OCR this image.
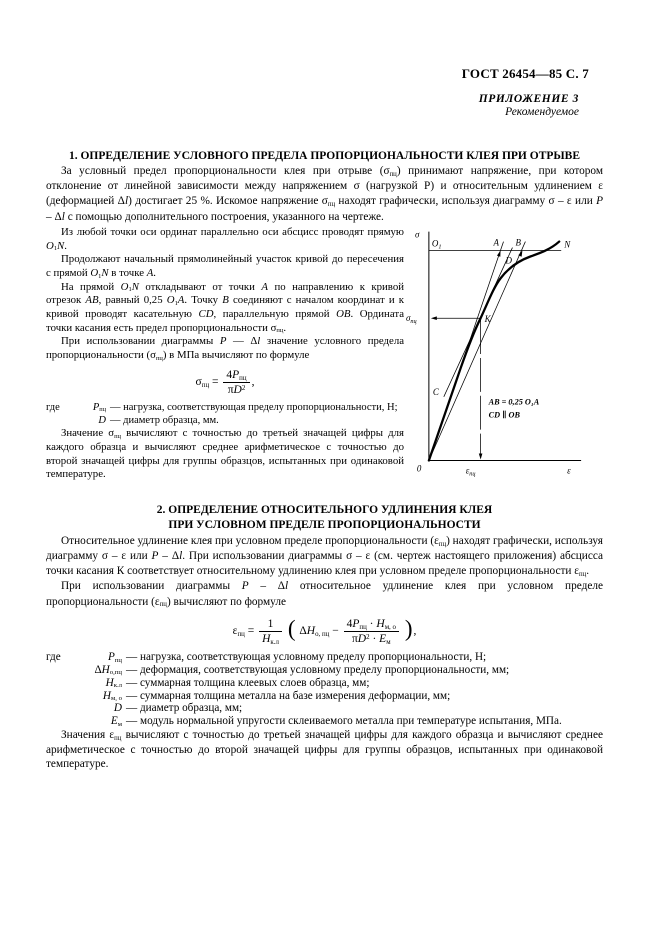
ГОСТ 26454—85 С. 7
ПРИЛОЖЕНИЕ 3
Рекомендуемое
1. ОПРЕДЕЛЕНИЕ УСЛОВНОГО ПРЕДЕЛА ПРОПОРЦИОНАЛЬНОСТИ КЛЕЯ ПРИ ОТРЫВЕ

За условный предел пропорциональности клея при отрыве $(\sigma_{пц})$ принимают напряжение, при котором отклонение от линейной зависимости между напряжением σ (нагрузкой Р) и относительным удлинением ε (деформацией Δl) достигает 25 %. Искомое напряжение $\sigma_{пц}$ находят графически, используя диаграмму σ – ε или Р – Δl с помощью дополнительного построения, указанного на чертеже.

Из любой точки оси ординат параллельно оси абсцисс проводят прямую $О_1N$.

Продолжают начальный прямолинейный участок кривой до пересечения с прямой $О_1N$ в точке А.

На прямой $О_1N$ откладывают от точки А по направлению к кривой отрезок АВ, равный 0,25 $О_1А$. Точку В соединяют с началом координат и к кривой проводят касательную СD, параллельную прямой ОВ. Ордината точки касания есть предел пропорциональности $\sigma_{пц}$.

При использовании диаграммы Р — Δl значение условного предела пропорциональности $(\sigma_{пц})$ в МПа вычисляют по формуле

$\sigma_{пц} = \frac{4Р_{пц}}{\pi D^2}$ ,
где	$Р_{пц}$ — нагрузка, соответствующая пределу пропорциональности, Н;
D — диаметр образца, мм.

Значение $\sigma_{пц}$ вычисляют с точностью до третьей значащей цифры для каждого образца и вычисляют среднее арифметическое с точностью до второй значащей цифры для группы образцов, испытанных при одинаковой температуре.

σ
$О_1$	А В	N
D
К
С
$\sigma_{пц}$
$\varepsilon_{пц}$
0	ε
АВ = 0,25 О₁А
СD ∥ ОВ
2. ОПРЕДЕЛЕНИЕ ОТНОСИТЕЛЬНОГО УДЛИНЕНИЯ КЛЕЯ
ПРИ УСЛОВНОМ ПРЕДЕЛЕ ПРОПОРЦИОНАЛЬНОСТИ

Относительное удлинение клея при условном пределе пропорциональности $(\varepsilon_{пц})$ находят графически, используя диаграмму σ – ε или Р – Δl. При использовании диаграммы σ – ε (см. чертеж настоящего приложения) абсцисса точки касания К соответствует относительному удлинению клея при условном пределе пропорциональности $\varepsilon_{пц}$.

При использовании диаграммы Р – Δl относительное удлинение клея при условном пределе пропорциональности $(\varepsilon_{пц})$ вычисляют по формуле

$\varepsilon_{пц} = \frac{1}{Н_{к.л}}$ ( $\Delta Н_{о, пц} - \frac{4Р_{пц} \cdot Н_{м, о}}{\pi D^2 \cdot Е_м}$ ),
где	$Р_{пц}$ — нагрузка, соответствующая условному пределу пропорциональности, Н;
$\Delta Н_{о,пц}$ — деформация, соответствующая условному пределу пропорциональности, мм;
$Н_{к.л}$ — суммарная толщина клеевых слоев образца, мм;
$Н_{м, о}$ — суммарная толщина металла на базе измерения деформации, мм;
D — диаметр образца, мм;
$Е_м$ — модуль нормальной упругости склеиваемого металла при температуре испытания, МПа.

Значения $\varepsilon_{пц}$ вычисляют с точностью до третьей значащей цифры для каждого образца и вычисляют среднее арифметическое с точностью до второй значащей цифры для группы образцов, испытанных при одинаковой температуре.
